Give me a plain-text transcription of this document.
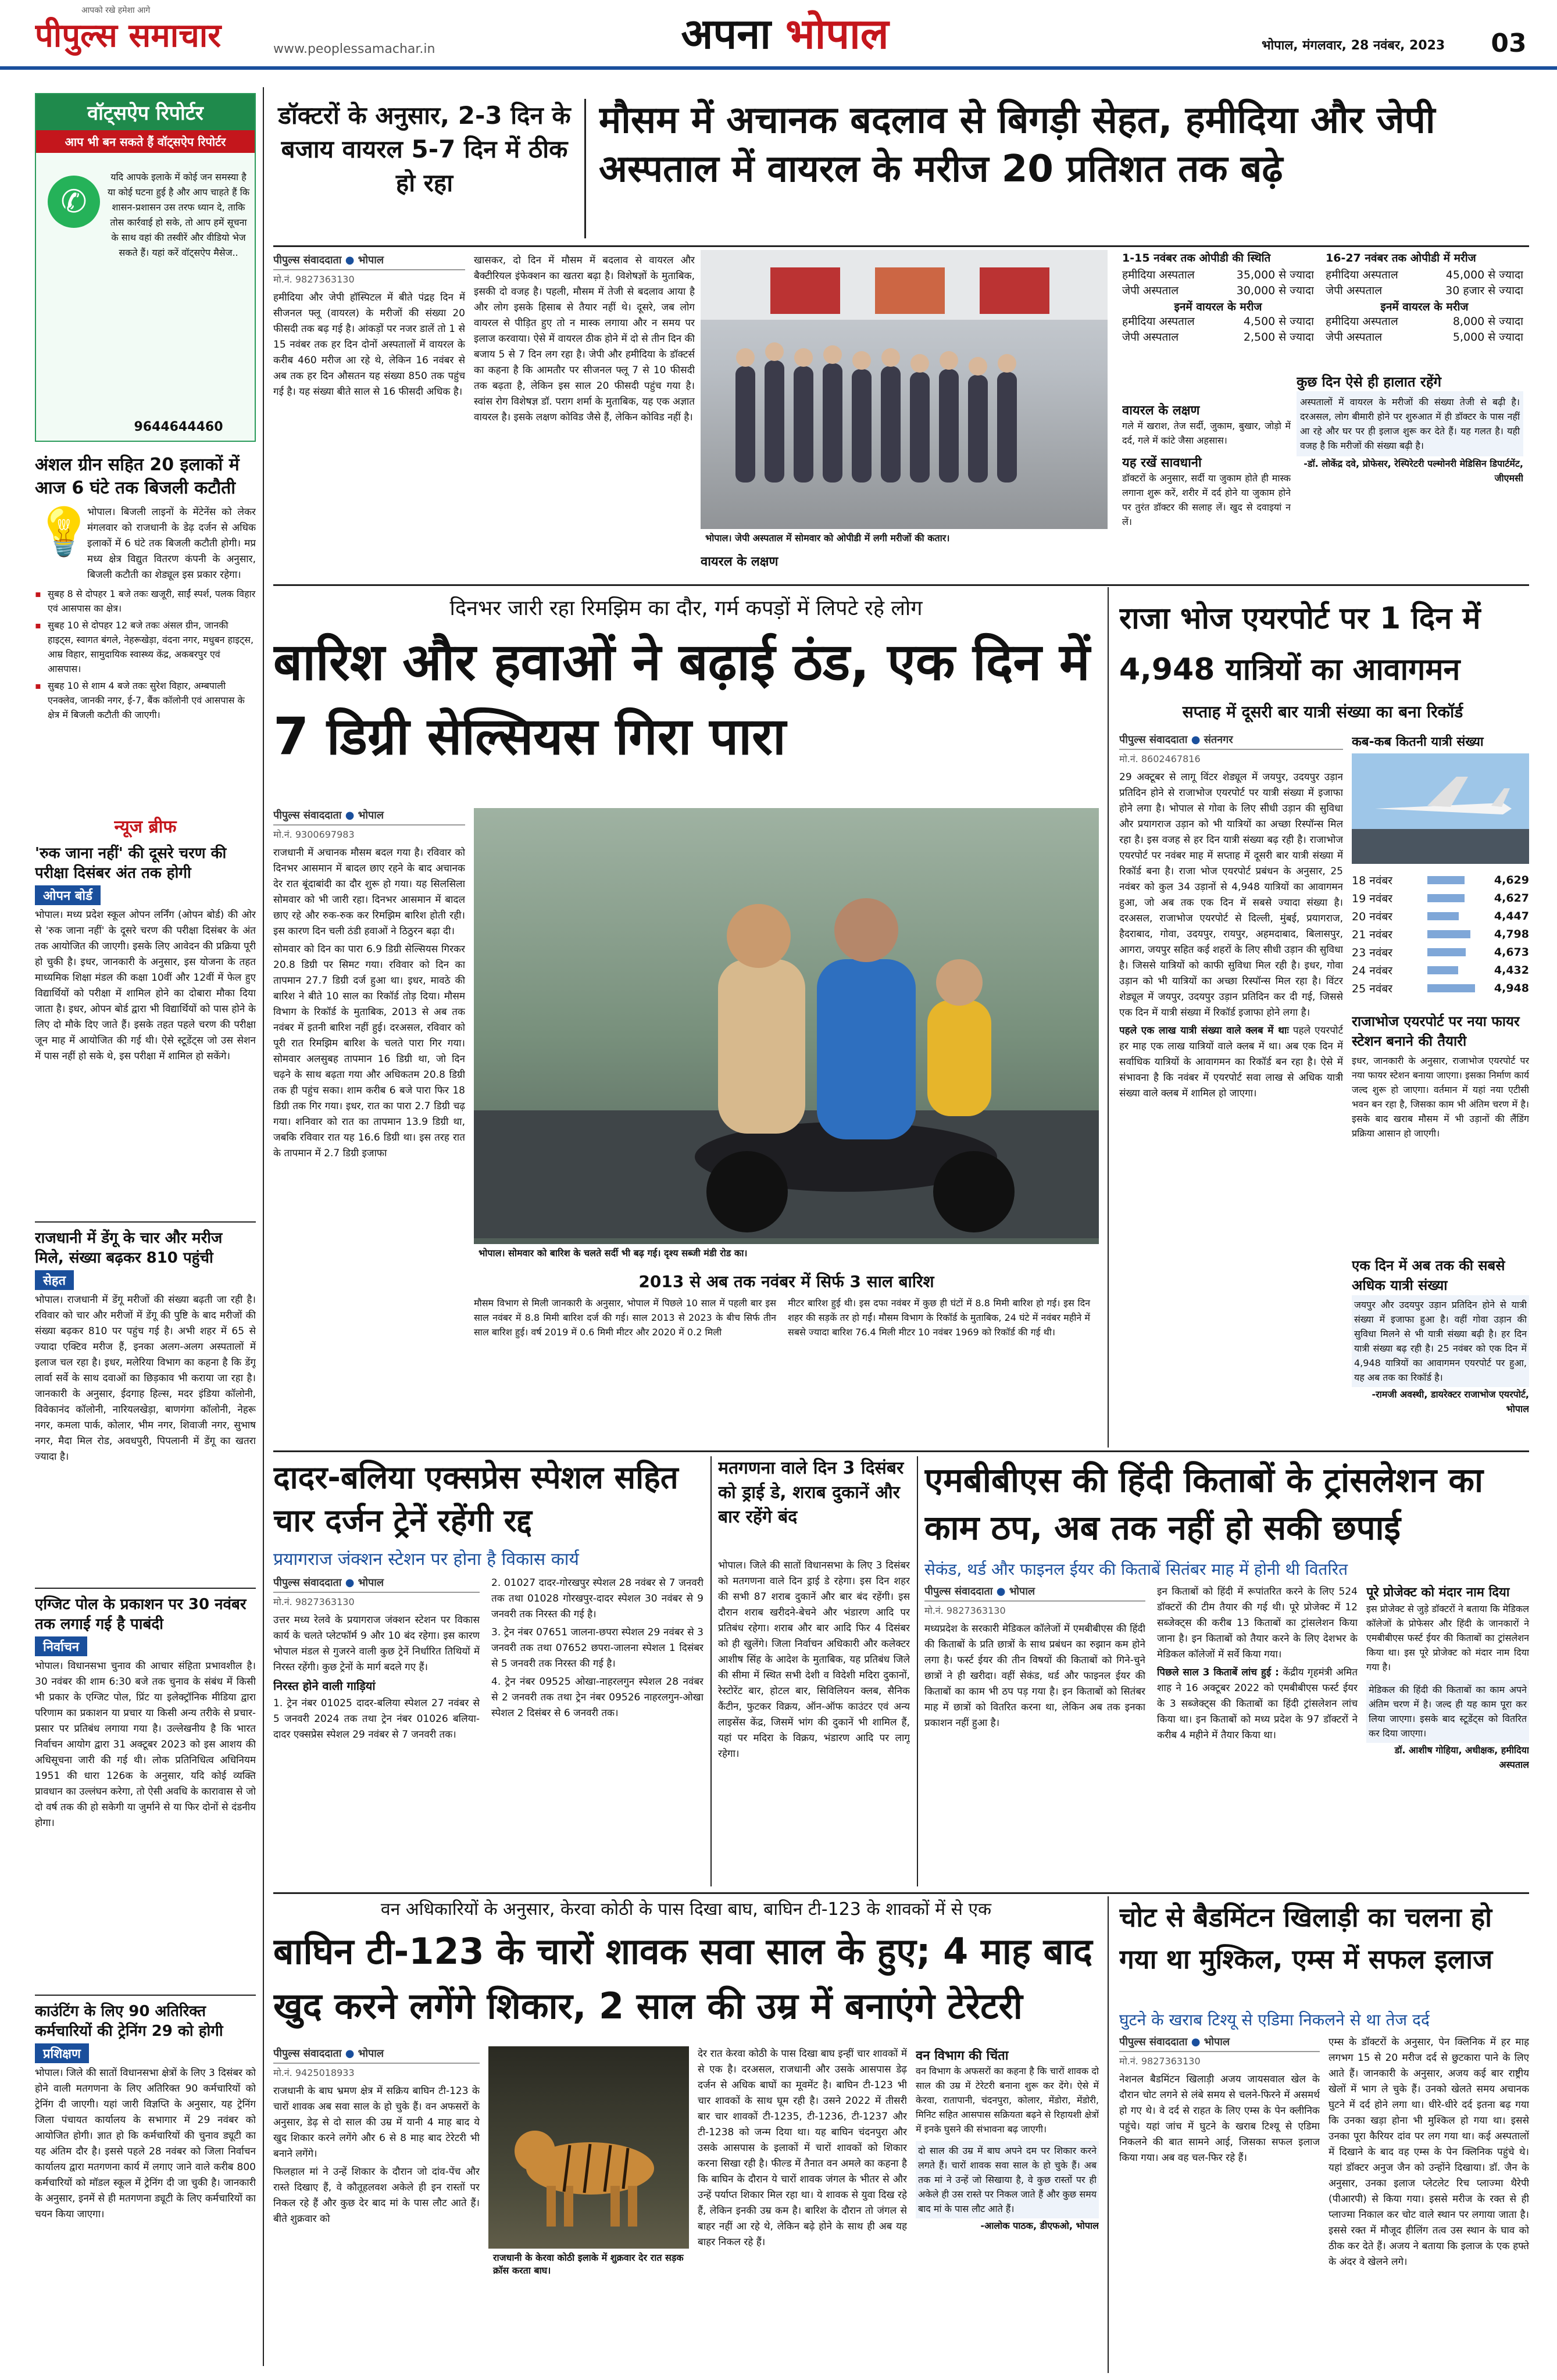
आपको रखे हमेशा आगे
पीपुल्स समाचार	www.peoplessamachar.in	अपना भोपाल	भोपाल, मंगलवार, 28 नवंबर, 2023 03
वॉट्सऐप रिपोर्टर
आप भी बन सकते हैं वॉट्सऐप रिपोर्टर
✆

यदि आपके इलाके में कोई जन समस्या है या कोई घटना हुई है और आप चाहते हैं कि शासन-प्रशासन उस तरफ ध्यान दे, ताकि तोस कार्रवाई हो सके, तो आप हमें सूचना के साथ वहां की तस्वीरें और वीडियो भेज सकते हैं। यहां करें वॉट्सऐप मैसेज..

9644644460
अंशल ग्रीन सहित 20 इलाकों में आज 6 घंटे तक बिजली कटौती
💡

भोपाल। बिजली लाइनों के मेंटेनेंस को लेकर मंगलवार को राजधानी के डेढ़ दर्जन से अधिक इलाकों में 6 घंटे तक बिजली कटौती होगी। मप्र मध्य क्षेत्र विद्युत वितरण कंपनी के अनुसार, बिजली कटौती का शेड्यूल इस प्रकार रहेगा।

▪ सुबह 8 से दोपहर 1 बजे तकः खजूरी, साईं स्पर्श, पलक विहार एवं आसपास का क्षेत्र।
▪ सुबह 10 से दोपहर 12 बजे तकः अंसल ग्रीन, जानकी हाइट्स, स्वागत बंगले, नेहरूखेड़ा, वंदना नगर, मधुबन हाइट्स, आम्र विहार, सामुदायिक स्वास्थ्य केंद्र, अकबरपुर एवं आसपास।
▪ सुबह 10 से शाम 4 बजे तकः सुरेश विहार, अम्बपाली एनक्लेव, जानकी नगर, ई-7, बैंक कॉलोनी एवं आसपास के क्षेत्र में बिजली कटौती की जाएगी।
न्यूज ब्रीफ
'रुक जाना नहीं' की दूसरे चरण की परीक्षा दिसंबर अंत तक होगी
ओपन बोर्ड

भोपाल। मध्य प्रदेश स्कूल ओपन लर्निंग (ओपन बोर्ड) की ओर से 'रुक जाना नहीं' के दूसरे चरण की परीक्षा दिसंबर के अंत तक आयोजित की जाएगी। इसके लिए आवेदन की प्रक्रिया पूरी हो चुकी है। इधर, जानकारी के अनुसार, इस योजना के तहत माध्यमिक शिक्षा मंडल की कक्षा 10वीं और 12वीं में फेल हुए विद्यार्थियों को परीक्षा में शामिल होने का दोबारा मौका दिया जाता है। इधर, ओपन बोर्ड द्वारा भी विद्यार्थियों को पास होने के लिए दो मौके दिए जाते हैं। इसके तहत पहले चरण की परीक्षा जून माह में आयोजित की गई थी। ऐसे स्टूडेंट्स जो उस सेशन में पास नहीं हो सके थे, इस परीक्षा में शामिल हो सकेंगे।

राजधानी में डेंगू के चार और मरीज मिले, संख्या बढ़कर 810 पहुंची
सेहत

भोपाल। राजधानी में डेंगू मरीजों की संख्या बढ़ती जा रही है। रविवार को चार और मरीजों में डेंगू की पुष्टि के बाद मरीजों की संख्या बढ़कर 810 पर पहुंच गई है। अभी शहर में 65 से ज्यादा एक्टिव मरीज हैं, इनका अलग-अलग अस्पतालों में इलाज चल रहा है। इधर, मलेरिया विभाग का कहना है कि डेंगू लार्वा सर्वे के साथ दवाओं का छिड़काव भी कराया जा रहा है। जानकारी के अनुसार, ईदगाह हिल्स, मदर इंडिया कॉलोनी, विवेकानंद कॉलोनी, नारियलखेड़ा, बाणगंगा कॉलोनी, नेहरू नगर, कमला पार्क, कोलार, भीम नगर, शिवाजी नगर, सुभाष नगर, मैदा मिल रोड, अवधपुरी, पिपलानी में डेंगू का खतरा ज्यादा है।

एग्जिट पोल के प्रकाशन पर 30 नवंबर तक लगाई गई है पाबंदी
निर्वाचन

भोपाल। विधानसभा चुनाव की आचार संहिता प्रभावशील है। 30 नवंबर की शाम 6:30 बजे तक चुनाव के संबंध में किसी भी प्रकार के एग्जिट पोल, प्रिंट या इलेक्ट्रॉनिक मीडिया द्वारा परिणाम का प्रकाशन या प्रचार या किसी अन्य तरीके से प्रचार-प्रसार पर प्रतिबंध लगाया गया है। उल्लेखनीय है कि भारत निर्वाचन आयोग द्वारा 31 अक्टूबर 2023 को इस आशय की अधिसूचना जारी की गई थी। लोक प्रतिनिधित्व अधिनियम 1951 की धारा 126क के अनुसार, यदि कोई व्यक्ति प्रावधान का उल्लंघन करेगा, तो ऐसी अवधि के कारावास से जो दो वर्ष तक की हो सकेगी या जुर्माने से या फिर दोनों से दंडनीय होगा।

काउंटिंग के लिए 90 अतिरिक्त कर्मचारियों की ट्रेनिंग 29 को होगी
प्रशिक्षण

भोपाल। जिले की सातों विधानसभा क्षेत्रों के लिए 3 दिसंबर को होने वाली मतगणना के लिए अतिरिक्त 90 कर्मचारियों को ट्रेनिंग दी जाएगी। यहां जारी विज्ञप्ति के अनुसार, यह ट्रेनिंग जिला पंचायत कार्यालय के सभागार में 29 नवंबर को आयोजित होगी। ज्ञात हो कि कर्मचारियों की चुनाव ड्यूटी का यह अंतिम दौर है। इससे पहले 28 नवंबर को जिला निर्वाचन कार्यालय द्वारा मतगणना कार्य में लगाए जाने वाले करीब 800 कर्मचारियों को मॉडल स्कूल में ट्रेनिंग दी जा चुकी है। जानकारी के अनुसार, इनमें से ही मतगणना ड्यूटी के लिए कर्मचारियों का चयन किया जाएगा।

डॉक्टरों के अनुसार, 2-3 दिन के बजाय वायरल 5-7 दिन में ठीक हो रहा
मौसम में अचानक बदलाव से बिगड़ी सेहत, हमीदिया और जेपी अस्पताल में वायरल के मरीज 20 प्रतिशत तक बढ़े
पीपुल्स संवाददाता ● भोपाल
मो.नं. 9827363130

हमीदिया और जेपी हॉस्पिटल में बीते पंद्रह दिन में सीजनल फ्लू (वायरल) के मरीजों की संख्या 20 फीसदी तक बढ़ गई है। आंकड़ों पर नजर डालें तो 1 से 15 नवंबर तक हर दिन दोनों अस्पतालों में वायरल के करीब 460 मरीज आ रहे थे, लेकिन 16 नवंबर से अब तक हर दिन औसतन यह संख्या 850 तक पहुंच गई है। यह संख्या बीते साल से 16 फीसदी अधिक है।

खासकर, दो दिन में मौसम में बदलाव से वायरल और बैक्टीरियल इंफेक्शन का खतरा बढ़ा है। विशेषज्ञों के मुताबिक, इसकी दो वजह है। पहली, मौसम में तेजी से बदलाव आया है और लोग इसके हिसाब से तैयार नहीं थे। दूसरे, जब लोग वायरल से पीड़ित हुए तो न मास्क लगाया और न समय पर इलाज करवाया। ऐसे में वायरल ठीक होने में दो से तीन दिन की बजाय 5 से 7 दिन लग रहा है। जेपी और हमीदिया के डॉक्टर्स का कहना है कि आमतौर पर सीजनल फ्लू 7 से 10 फीसदी तक बढ़ता है, लेकिन इस साल 20 फीसदी पहुंच गया है। स्वांस रोग विशेषज्ञ डॉ. पराग शर्मा के मुताबिक, यह एक अज्ञात वायरल है। इसके लक्षण कोविड जैसे हैं, लेकिन कोविड नहीं है।

भोपाल। जेपी अस्पताल में सोमवार को ओपीडी में लगी मरीजों की कतार।
वायरल के लक्षण
1-15 नवंबर तक ओपीडी की स्थिति
हमीदिया अस्पताल	35,000 से ज्यादा
जेपी अस्पताल	30,000 से ज्यादा
इनमें वायरल के मरीज
हमीदिया अस्पताल	4,500 से ज्यादा
जेपी अस्पताल	2,500 से ज्यादा
16-27 नवंबर तक ओपीडी में मरीज
हमीदिया अस्पताल	45,000 से ज्यादा
जेपी अस्पताल	30 हजार से ज्यादा
इनमें वायरल के मरीज
हमीदिया अस्पताल	8,000 से ज्यादा
जेपी अस्पताल	5,000 से ज्यादा
वायरल के लक्षण

गले में खराश, तेज सर्दी, जुकाम, बुखार, जोड़ो में दर्द, गले में कांटे जैसा अहसास।

यह रखें सावधानी

डॉक्टरों के अनुसार, सर्दी या जुकाम होते ही मास्क लगाना शुरू करें, शरीर में दर्द होने या जुकाम होने पर तुरंत डॉक्टर की सलाह लें। खुद से दवाइयां न लें।

कुछ दिन ऐसे ही हालात रहेंगे

अस्पतालों में वायरल के मरीजों की संख्या तेजी से बढ़ी है। दरअसल, लोग बीमारी होने पर शुरुआत में ही डॉक्टर के पास नहीं आ रहे और घर पर ही इलाज शुरू कर देते हैं। यह गलत है। यही वजह है कि मरीजों की संख्या बढ़ी है।

-डॉ. लोकेंद्र दवे, प्रोफेसर, रेस्पिरेटरी पल्मोनरी मेडिसिन डिपार्टमेंट, जीएमसी
दिनभर जारी रहा रिमझिम का दौर, गर्म कपड़ों में लिपटे रहे लोग
बारिश और हवाओं ने बढ़ाई ठंड, एक दिन में 7 डिग्री सेल्सियस गिरा पारा
पीपुल्स संवाददाता ● भोपाल
मो.नं. 9300697983

राजधानी में अचानक मौसम बदल गया है। रविवार को दिनभर आसमान में बादल छाए रहने के बाद अचानक देर रात बूंदाबांदी का दौर शुरू हो गया। यह सिलसिला सोमवार को भी जारी रहा। दिनभर आसमान में बादल छाए रहे और रुक-रुक कर रिमझिम बारिश होती रही। इस कारण दिन चली ठंडी हवाओं ने ठिठुरन बढ़ा दी।

सोमवार को दिन का पारा 6.9 डिग्री सेल्सियस गिरकर 20.8 डिग्री पर सिमट गया। रविवार को दिन का तापमान 27.7 डिग्री दर्ज हुआ था। इधर, मावठे की बारिश ने बीते 10 साल का रिकॉर्ड तोड़ दिया। मौसम विभाग के रिकॉर्ड के मुताबिक, 2013 से अब तक नवंबर में इतनी बारिश नहीं हुई। दरअसल, रविवार को पूरी रात रिमझिम बारिश के चलते पारा गिर गया। सोमवार अलसुबह तापमान 16 डिग्री था, जो दिन चढ़ने के साथ बढ़ता गया और अधिकतम 20.8 डिग्री तक ही पहुंच सका। शाम करीब 6 बजे पारा फिर 18 डिग्री तक गिर गया। इधर, रात का पारा 2.7 डिग्री चढ़ गया। शनिवार को रात का तापमान 13.9 डिग्री था, जबकि रविवार रात यह 16.6 डिग्री था। इस तरह रात के तापमान में 2.7 डिग्री इजाफा

भोपाल। सोमवार को बारिश के चलते सर्दी भी बढ़ गई। दृश्य सब्जी मंडी रोड का।
2013 से अब तक नवंबर में सिर्फ 3 साल बारिश

मौसम विभाग से मिली जानकारी के अनुसार, भोपाल में पिछले 10 साल में पहली बार इस साल नवंबर में 8.8 मिमी बारिश दर्ज की गई। साल 2013 से 2023 के बीच सिर्फ तीन साल बारिश हुई। वर्ष 2019 में 0.6 मिमी मीटर और 2020 में 0.2 मिली

मीटर बारिश हुई थी। इस दफा नवंबर में कुछ ही घंटों में 8.8 मिमी बारिश हो गई। इस दिन शहर की सड़कें तर हो गईं। मौसम विभाग के रिकॉर्ड के मुताबिक, 24 घंटे में नवंबर महीने में सबसे ज्यादा बारिश 76.4 मिली मीटर 10 नवंबर 1969 को रिकॉर्ड की गई थी।

राजा भोज एयरपोर्ट पर 1 दिन में 4,948 यात्रियों का आवागमन
सप्ताह में दूसरी बार यात्री संख्या का बना रिकॉर्ड
पीपुल्स संवाददाता ● संतनगर
मो.नं. 8602467816

29 अक्टूबर से लागू विंटर शेड्यूल में जयपुर, उदयपुर उड़ान प्रतिदिन होने से राजाभोज एयरपोर्ट पर यात्री संख्या में इजाफा होने लगा है। भोपाल से गोवा के लिए सीधी उड़ान की सुविधा और प्रयागराज उड़ान को भी यात्रियों का अच्छा रिस्पॉन्स मिल रहा है। इस वजह से हर दिन यात्री संख्या बढ़ रही है। राजाभोज एयरपोर्ट पर नवंबर माह में सप्ताह में दूसरी बार यात्री संख्या में रिकॉर्ड बना है। राजा भोज एयरपोर्ट प्रबंधन के अनुसार, 25 नवंबर को कुल 34 उड़ानों से 4,948 यात्रियों का आवागमन हुआ, जो अब तक एक दिन में सबसे ज्यादा संख्या है। दरअसल, राजाभोज एयरपोर्ट से दिल्ली, मुंबई, प्रयागराज, हैदराबाद, गोवा, उदयपुर, रायपुर, अहमदाबाद, बिलासपुर, आगरा, जयपुर सहित कई शहरों के लिए सीधी उड़ान की सुविधा है। जिससे यात्रियों को काफी सुविधा मिल रही है। इधर, गोवा उड़ान को भी यात्रियों का अच्छा रिस्पॉन्स मिल रहा है। विंटर शेड्यूल में जयपुर, उदयपुर उड़ान प्रतिदिन कर दी गई, जिससे एक दिन में यात्री संख्या में रिकॉर्ड इजाफा होने लगा है।

पहले एक लाख यात्री संख्या वाले क्लब में थाः पहले एयरपोर्ट हर माह एक लाख यात्रियों वाले क्लब में था। अब एक दिन में सर्वाधिक यात्रियों के आवागमन का रिकॉर्ड बन रहा है। ऐसे में संभावना है कि नवंबर में एयरपोर्ट सवा लाख से अधिक यात्री संख्या वाले क्लब में शामिल हो जाएगा।

कब-कब कितनी यात्री संख्या
18 नवंबर	4,629
19 नवंबर	4,627
20 नवंबर	4,447
21 नवंबर	4,798
23 नवंबर	4,673
24 नवंबर	4,432
25 नवंबर	4,948
राजाभोज एयरपोर्ट पर नया फायर स्टेशन बनाने की तैयारी

इधर, जानकारी के अनुसार, राजाभोज एयरपोर्ट पर नया फायर स्टेशन बनाया जाएगा। इसका निर्माण कार्य जल्द शुरू हो जाएगा। वर्तमान में यहां नया एटीसी भवन बन रहा है, जिसका काम भी अंतिम चरण में है। इसके बाद खराब मौसम में भी उड़ानों की लैंडिंग प्रक्रिया आसान हो जाएगी।

एक दिन में अब तक की सबसे अधिक यात्री संख्या

जयपुर और उदयपुर उड़ान प्रतिदिन होने से यात्री संख्या में इजाफा हुआ है। वहीं गोवा उड़ान की सुविधा मिलने से भी यात्री संख्या बढ़ी है। हर दिन यात्री संख्या बढ़ रही है। 25 नवंबर को एक दिन में 4,948 यात्रियों का आवागमन एयरपोर्ट पर हुआ, यह अब तक का रिकॉर्ड है।

-रामजी अवस्थी, डायरेक्टर राजाभोज एयरपोर्ट, भोपाल
दादर-बलिया एक्सप्रेस स्पेशल सहित चार दर्जन ट्रेनें रहेंगी रद्द
प्रयागराज जंक्शन स्टेशन पर होना है विकास कार्य
पीपुल्स संवाददाता ● भोपाल
मो.नं. 9827363130

उत्तर मध्य रेलवे के प्रयागराज जंक्शन स्टेशन पर विकास कार्य के चलते प्लेटफॉर्म 9 और 10 बंद रहेगा। इस कारण भोपाल मंडल से गुजरने वाली कुछ ट्रेनें निर्धारित तिथियों में निरस्त रहेंगी। कुछ ट्रेनों के मार्ग बदले गए हैं।

निरस्त होने वाली गाड़ियां

1. ट्रेन नंबर 01025 दादर-बलिया स्पेशल 27 नवंबर से 5 जनवरी 2024 तक तथा ट्रेन नंबर 01026 बलिया-दादर एक्सप्रेस स्पेशल 29 नवंबर से 7 जनवरी तक।

2. 01027 दादर-गोरखपुर स्पेशल 28 नवंबर से 7 जनवरी तक तथा 01028 गोरखपुर-दादर स्पेशल 30 नवंबर से 9 जनवरी तक निरस्त की गई है।

3. ट्रेन नंबर 07651 जालना-छपरा स्पेशल 29 नवंबर से 3 जनवरी तक तथा 07652 छपरा-जालना स्पेशल 1 दिसंबर से 5 जनवरी तक निरस्त की गई है।

4. ट्रेन नंबर 09525 ओखा-नाहरलगुन स्पेशल 28 नवंबर से 2 जनवरी तक तथा ट्रेन नंबर 09526 नाहरलगुन-ओखा स्पेशल 2 दिसंबर से 6 जनवरी तक।

मतगणना वाले दिन 3 दिसंबर को ड्राई डे, शराब दुकानें और बार रहेंगे बंद

भोपाल। जिले की सातों विधानसभा के लिए 3 दिसंबर को मतगणना वाले दिन ड्राई डे रहेगा। इस दिन शहर की सभी 87 शराब दुकानें और बार बंद रहेंगी। इस दौरान शराब खरीदने-बेचने और भंडारण आदि पर प्रतिबंध रहेगा। शराब और बार आदि फिर 4 दिसंबर को ही खुलेंगे। जिला निर्वाचन अधिकारी और कलेक्टर आशीष सिंह के आदेश के मुताबिक, यह प्रतिबंध जिले की सीमा में स्थित सभी देशी व विदेशी मदिरा दुकानों, रेस्टोरेंट बार, होटल बार, सिविलियन क्लब, सैनिक कैंटीन, फुटकर विक्रय, ऑन-ऑफ काउंटर एवं अन्य लाइसेंस केंद्र, जिसमें भांग की दुकानें भी शामिल हैं, यहां पर मदिरा के विक्रय, भंडारण आदि पर लागू रहेगा।

एमबीबीएस की हिंदी किताबों के ट्रांसलेशन का काम ठप, अब तक नहीं हो सकी छपाई
सेकंड, थर्ड और फाइनल ईयर की किताबें सितंबर माह में होनी थी वितरित
पीपुल्स संवाददाता ● भोपाल
मो.नं. 9827363130

मध्यप्रदेश के सरकारी मेडिकल कॉलेजों में एमबीबीएस की हिंदी की किताबों के प्रति छात्रों के साथ प्रबंधन का रुझान कम होने लगा है। फर्स्ट ईयर की तीन विषयों की किताबों को गिने-चुने छात्रों ने ही खरीदा। वहीं सेकंड, थर्ड और फाइनल ईयर की किताबों का काम भी ठप पड़ गया है। इन किताबों को सितंबर माह में छात्रों को वितरित करना था, लेकिन अब तक इनका प्रकाशन नहीं हुआ है।

इन किताबों को हिंदी में रूपांतरित करने के लिए 524 डॉक्टरों की टीम तैयार की गई थी। पूरे प्रोजेक्ट में 12 सब्जेक्ट्स की करीब 13 किताबों का ट्रांसलेशन किया जाना है। इन किताबों को तैयार करने के लिए देशभर के मेडिकल कॉलेजों में सर्वे किया गया।

पिछले साल 3 किताबें लांच हुई : केंद्रीय गृहमंत्री अमित शाह ने 16 अक्टूबर 2022 को एमबीबीएस फर्स्ट ईयर के 3 सब्जेक्ट्स की किताबों का हिंदी ट्रांसलेशन लांच किया था। इन किताबों को मध्य प्रदेश के 97 डॉक्टरों ने करीब 4 महीने में तैयार किया था।

पूरे प्रोजेक्ट को मंदार नाम दिया

इस प्रोजेक्ट से जुड़े डॉक्टरों ने बताया कि मेडिकल कॉलेजों के प्रोफेसर और हिंदी के जानकारों ने एमबीबीएस फर्स्ट ईयर की किताबों का ट्रांसलेशन किया था। इस पूरे प्रोजेक्ट को मंदार नाम दिया गया है।

मेडिकल की हिंदी की किताबों का काम अपने अंतिम चरण में है। जल्द ही यह काम पूरा कर लिया जाएगा। इसके बाद स्टूडेंट्स को वितरित कर दिया जाएगा।

डॉ. आशीष गोहिया, अधीक्षक, हमीदिया अस्पताल
वन अधिकारियों के अनुसार, केरवा कोठी के पास दिखा बाघ, बाघिन टी-123 के शावकों में से एक
बाघिन टी-123 के चारों शावक सवा साल के हुए; 4 माह बाद खुद करने लगेंगे शिकार, 2 साल की उम्र में बनाएंगे टेरेटरी
पीपुल्स संवाददाता ● भोपाल
मो.नं. 9425018933

राजधानी के बाघ भ्रमण क्षेत्र में सक्रिय बाघिन टी-123 के चारों शावक अब सवा साल के हो चुके हैं। वन अफसरों के अनुसार, डेढ़ से दो साल की उम्र में यानी 4 माह बाद ये खुद शिकार करने लगेंगे और 6 से 8 माह बाद टेरेटरी भी बनाने लगेंगे।

फिलहाल मां ने उन्हें शिकार के दौरान जो दांव-पेंच और रास्ते दिखाए हैं, वे कौतूहलवश अकेले ही इन रास्तों पर निकल रहे हैं और कुछ देर बाद मां के पास लौट आते हैं। बीते शुक्रवार को

राजधानी के केरवा कोठी इलाके में शुक्रवार देर रात सड़क क्रॉस करता बाघ।

देर रात केरवा कोठी के पास दिखा बाघ इन्हीं चार शावकों में से एक है। दरअसल, राजधानी और उसके आसपास डेढ़ दर्जन से अधिक बाघों का मूवमेंट है। बाघिन टी-123 भी चार शावकों के साथ घूम रही है। उसने 2022 में तीसरी बार चार शावकों टी-1235, टी-1236, टी-1237 और टी-1238 को जन्म दिया था। यह बाघिन चंदनपुरा और उसके आसपास के इलाकों में चारों शावकों को शिकार करना सिखा रही है। फील्ड में तैनात वन अमले का कहना है कि बाघिन के दौरान ये चारों शावक जंगल के भीतर से और उन्हें पर्याप्त शिकार मिल रहा था। ये शावक से युवा दिख रहे हैं, लेकिन इनकी उम्र कम है। बारिश के दौरान तो जंगल से बाहर नहीं आ रहे थे, लेकिन बढ़े होने के साथ ही अब यह बाहर निकल रहे हैं।

वन विभाग की चिंता

वन विभाग के अफसरों का कहना है कि चारों शावक दो साल की उम्र में टेरेटरी बनाना शुरू कर देंगे। ऐसे में केरवा, रातापानी, चंदनपुरा, कोलार, मेंडोरा, मेंडोरी, मिनिट सहित आसपास सक्रियता बढ़ने से रिहायशी क्षेत्रों में इनके घुसने की संभावना बढ़ जाएगी।

दो साल की उम्र में बाघ अपने दम पर शिकार करने लगते हैं। चारों शावक सवा साल के हो चुके हैं। अब तक मां ने उन्हें जो सिखाया है, वे कुछ रास्तों पर ही अकेले ही उस रास्ते पर निकल जाते हैं और कुछ समय बाद मां के पास लौट आते हैं।

-आलोक पाठक, डीएफओ, भोपाल
चोट से बैडमिंटन खिलाड़ी का चलना हो गया था मुश्किल, एम्स में सफल इलाज
घुटने के खराब टिश्यू से एडिमा निकलने से था तेज दर्द
पीपुल्स संवाददाता ● भोपाल
मो.नं. 9827363130

नेशनल बैडमिंटन खिलाड़ी अजय जायसवाल खेल के दौरान चोट लगने से लंबे समय से चलने-फिरने में असमर्थ हो गए थे। वे दर्द से राहत के लिए एम्स के पेन क्लीनिक पहुंचे। यहां जांच में घुटने के खराब टिश्यू से एडिमा निकलने की बात सामने आई, जिसका सफल इलाज किया गया। अब वह चल-फिर रहे हैं।

एम्स के डॉक्टरों के अनुसार, पेन क्लिनिक में हर माह लगभग 15 से 20 मरीज दर्द से छुटकारा पाने के लिए आते हैं। जानकारी के अनुसार, अजय कई बार राष्ट्रीय खेलों में भाग ले चुके हैं। उनको खेलते समय अचानक घुटने में दर्द होने लगा था। धीरे-धीरे दर्द इतना बढ़ गया कि उनका खड़ा होना भी मुश्किल हो गया था। इससे उनका पूरा कैरियर दांव पर लग गया था। कई अस्पतालों में दिखाने के बाद वह एम्स के पेन क्लिनिक पहुंचे थे। यहां डॉक्टर अनुज जैन को उन्होंने दिखाया। डॉ. जैन के अनुसार, उनका इलाज प्लेटलेट रिच प्लाज्मा थैरेपी (पीआरपी) से किया गया। इससे मरीज के रक्त से ही प्लाज्मा निकाल कर चोट वाले स्थान पर लगाया जाता है। इससे रक्त में मौजूद हीलिंग तत्व उस स्थान के घाव को ठीक कर देते हैं। अजय ने बताया कि इलाज के एक हफ्ते के अंदर वे खेलने लगे।
